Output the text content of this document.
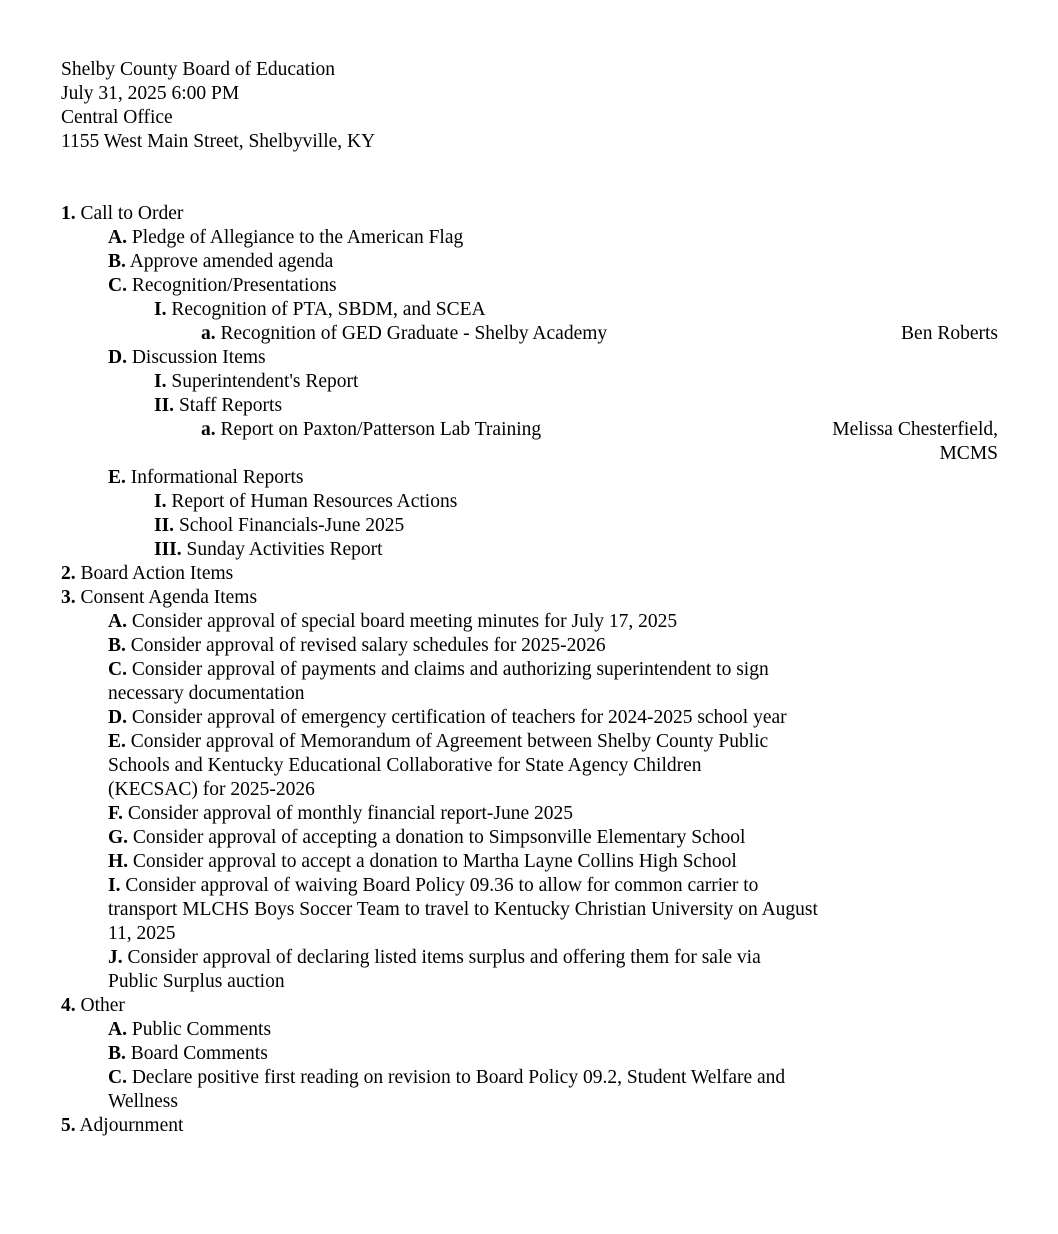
Shelby County Board of Education
July 31, 2025 6:00 PM
Central Office
1155 West Main Street, Shelbyville, KY
1. Call to Order
A. Pledge of Allegiance to the American Flag
B. Approve amended agenda
C. Recognition/Presentations
I. Recognition of PTA, SBDM, and SCEA
a. Recognition of GED Graduate - Shelby Academy	Ben Roberts
D. Discussion Items
I. Superintendent's Report
II. Staff Reports
a. Report on Paxton/Patterson Lab Training	Melissa Chesterfield,
MCMS
E. Informational Reports
I. Report of Human Resources Actions
II. School Financials-June 2025
III. Sunday Activities Report
2. Board Action Items
3. Consent Agenda Items
A. Consider approval of special board meeting minutes for July 17, 2025
B. Consider approval of revised salary schedules for 2025-2026
C. Consider approval of payments and claims and authorizing superintendent to sign necessary documentation
D. Consider approval of emergency certification of teachers for 2024-2025 school year
E. Consider approval of Memorandum of Agreement between Shelby County Public Schools and Kentucky Educational Collaborative for State Agency Children (KECSAC) for 2025-2026
F. Consider approval of monthly financial report-June 2025
G. Consider approval of accepting a donation to Simpsonville Elementary School
H. Consider approval to accept a donation to Martha Layne Collins High School
I. Consider approval of waiving Board Policy 09.36 to allow for common carrier to transport MLCHS Boys Soccer Team to travel to Kentucky Christian University on August 11, 2025
J. Consider approval of declaring listed items surplus and offering them for sale via Public Surplus auction
4. Other
A. Public Comments
B. Board Comments
C. Declare positive first reading on revision to Board Policy 09.2, Student Welfare and Wellness
5. Adjournment
